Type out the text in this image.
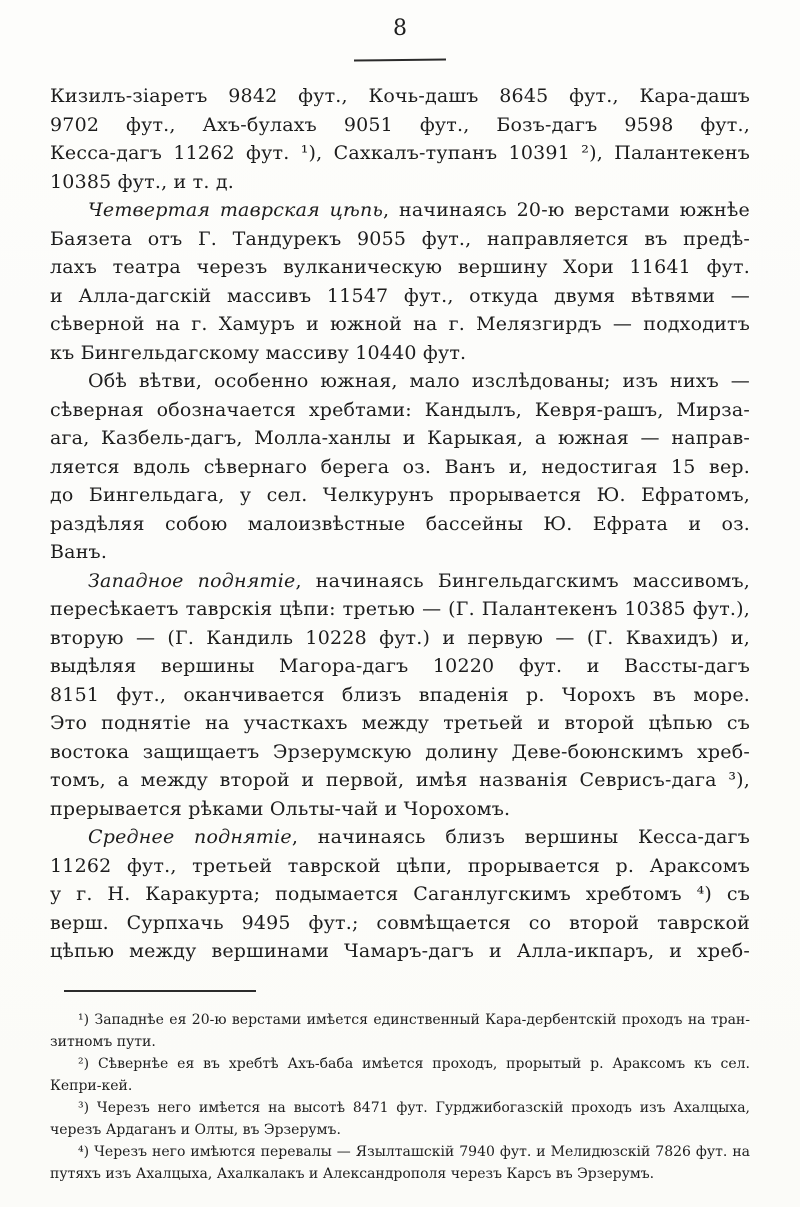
8
Кизилъ-зіаретъ 9842 фут., Кочь-дашъ 8645 фут., Кара-дашъ
9702 фут., Ахъ-булахъ 9051 фут., Бозъ-дагъ 9598 фут.,
Кесса-дагъ 11262 фут. ¹), Сахкалъ-тупанъ 10391 ²), Палантекенъ
10385 фут., и т. д.
Четвертая таврская цѣпь, начинаясь 20-ю верстами южнѣе
Баязета отъ Г. Тандурекъ 9055 фут., направляется въ предѣ-
лахъ театра черезъ вулканическую вершину Хори 11641 фут.
и Алла-дагскій массивъ 11547 фут., откуда двумя вѣтвями —
сѣверной на г. Хамуръ и южной на г. Мелязгирдъ — подходитъ
къ Бингельдагскому массиву 10440 фут.
Обѣ вѣтви, особенно южная, мало изслѣдованы; изъ нихъ —
сѣверная обозначается хребтами: Кандылъ, Кевря-рашъ, Мирза-
ага, Казбель-дагъ, Молла-ханлы и Карыкая, а южная — направ-
ляется вдоль сѣвернаго берега оз. Ванъ и, недостигая 15 вер.
до Бингельдага, у сел. Челкурунъ прорывается Ю. Ефратомъ,
раздѣляя собою малоизвѣстные бассейны Ю. Ефрата и оз.
Ванъ.
Западное поднятіе, начинаясь Бингельдагскимъ массивомъ,
пересѣкаетъ таврскія цѣпи: третью — (Г. Палантекенъ 10385 фут.),
вторую — (Г. Кандиль 10228 фут.) и первую — (Г. Квахидъ) и,
выдѣляя вершины Магора-дагъ 10220 фут. и Вассты-дагъ
8151 фут., оканчивается близъ впаденія р. Чорохъ въ море.
Это поднятіе на участкахъ между третьей и второй цѣпью съ
востока защищаетъ Эрзерумскую долину Деве-боюнскимъ хреб-
томъ, а между второй и первой, имѣя названія Севрисъ-дага ³),
прерывается рѣками Ольты-чай и Чорохомъ.
Среднее поднятіе, начинаясь близъ вершины Кесса-дагъ
11262 фут., третьей таврской цѣпи, прорывается р. Араксомъ
у г. Н. Каракурта; подымается Саганлугскимъ хребтомъ ⁴) съ
верш. Сурпхачь 9495 фут.; совмѣщается со второй таврской
цѣпью между вершинами Чамаръ-дагъ и Алла-икпаръ, и хреб-
¹) Западнѣе ея 20-ю верстами имѣется единственный Кара-дербентскій проходъ на тран-
зитномъ пути.
²) Сѣвернѣе ея въ хребтѣ Ахъ-баба имѣется проходъ, прорытый р. Араксомъ къ сел.
Кепри-кей.
³) Черезъ него имѣется на высотѣ 8471 фут. Гурджибогазскій проходъ изъ Ахалцыха,
черезъ Ардаганъ и Олты, въ Эрзерумъ.
⁴) Черезъ него имѣются перевалы — Язылташскій 7940 фут. и Мелидюзскій 7826 фут. на
путяхъ изъ Ахалцыха, Ахалкалакъ и Александрополя черезъ Карсъ въ Эрзерумъ.
